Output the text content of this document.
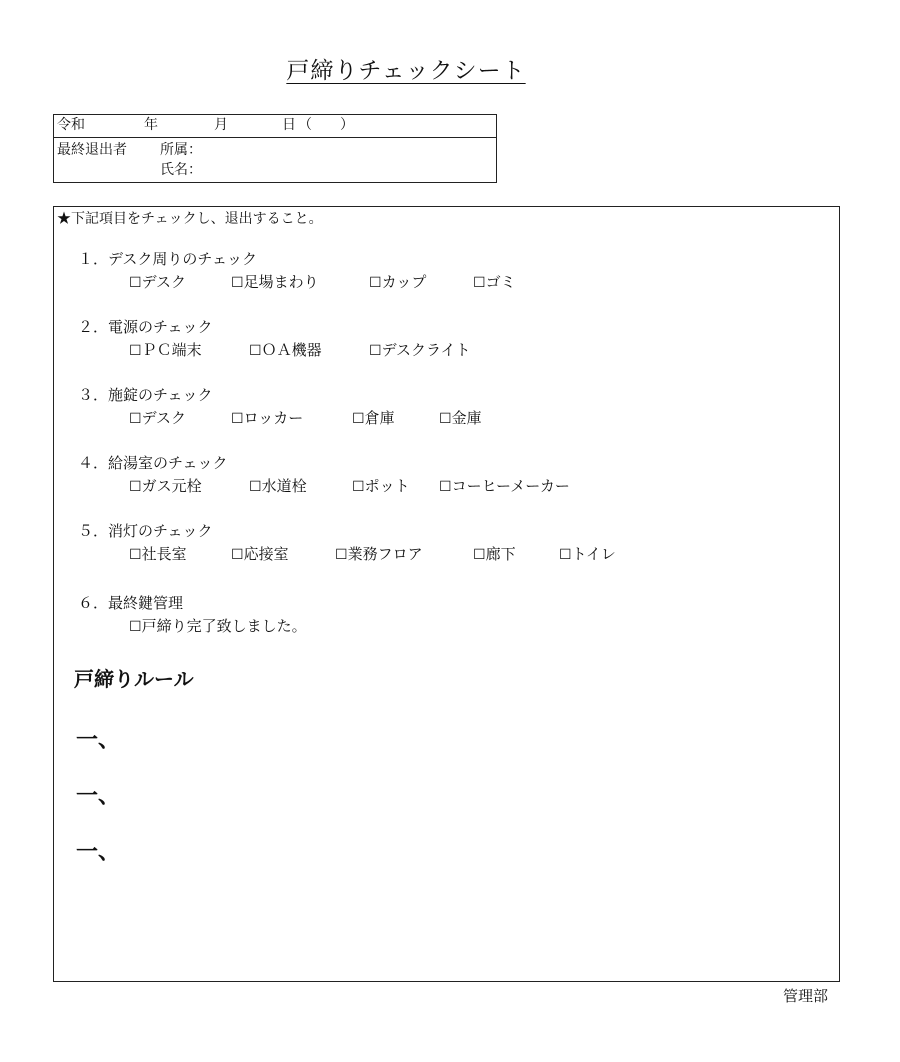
戸締りチェックシート
令和	年	月	日 （　　）
最終退出者 所属：
氏名：
★下記項目をチェックし、退出すること。
１．デスク周りのチェック
☐デスク	☐足場まわり	☐カップ	☐ゴミ
２．電源のチェック
☐ＰＣ端末	☐ＯＡ機器	☐デスクライト
３．施錠のチェック
☐デスク	☐ロッカー	☐倉庫	☐金庫
４．給湯室のチェック
☐ガス元栓	☐水道栓	☐ポット ☐コーヒーメーカー
５．消灯のチェック
☐社長室	☐応接室	☐業務フロア	☐廊下	☐トイレ
６．最終鍵管理
☐戸締り完了致しました。
戸締りルール
一、
一、
一、
管理部
